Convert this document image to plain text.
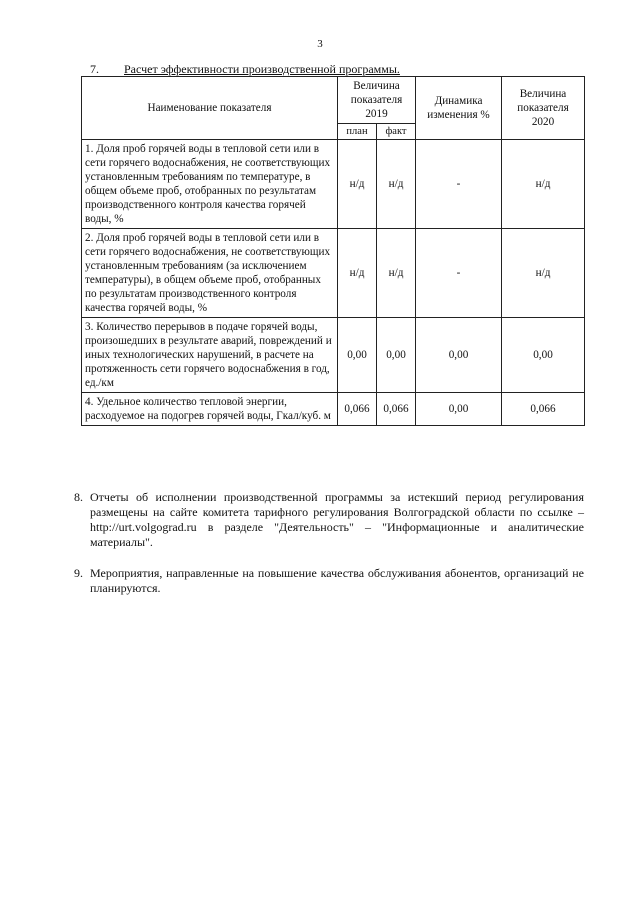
3
7. Расчет эффективности производственной программы.
Наименование показателя	Величина показателя 2019		Динамика изменения %	Величина показателя 2020
	план	факт		
1. Доля проб горячей воды в тепловой сети или в сети горячего водоснабжения, не соответствующих установленным требованиям по температуре, в общем объеме проб, отобранных по результатам производственного контроля качества горячей воды, %	н/д	н/д	-	н/д
2. Доля проб горячей воды в тепловой сети или в сети горячего водоснабжения, не соответствующих установленным требованиям (за исключением температуры), в общем объеме проб, отобранных по результатам производственного контроля качества горячей воды, %	н/д	н/д	-	н/д
3. Количество перерывов в подаче горячей воды, произошедших в результате аварий, повреждений и иных технологических нарушений, в расчете на протяженность сети горячего водоснабжения в год, ед./км	0,00	0,00	0,00	0,00
4. Удельное количество тепловой энергии, расходуемое на подогрев горячей воды, Гкал/куб. м	0,066	0,066	0,00	0,066
8. Отчеты об исполнении производственной программы за истекший период регулирования размещены на сайте комитета тарифного регулирования Волгоградской области по ссылке –http://urt.volgograd.ru в разделе "Деятельность" – "Информационные и аналитические материалы".
9. Мероприятия, направленные на повышение качества обслуживания абонентов, организаций не планируются.
